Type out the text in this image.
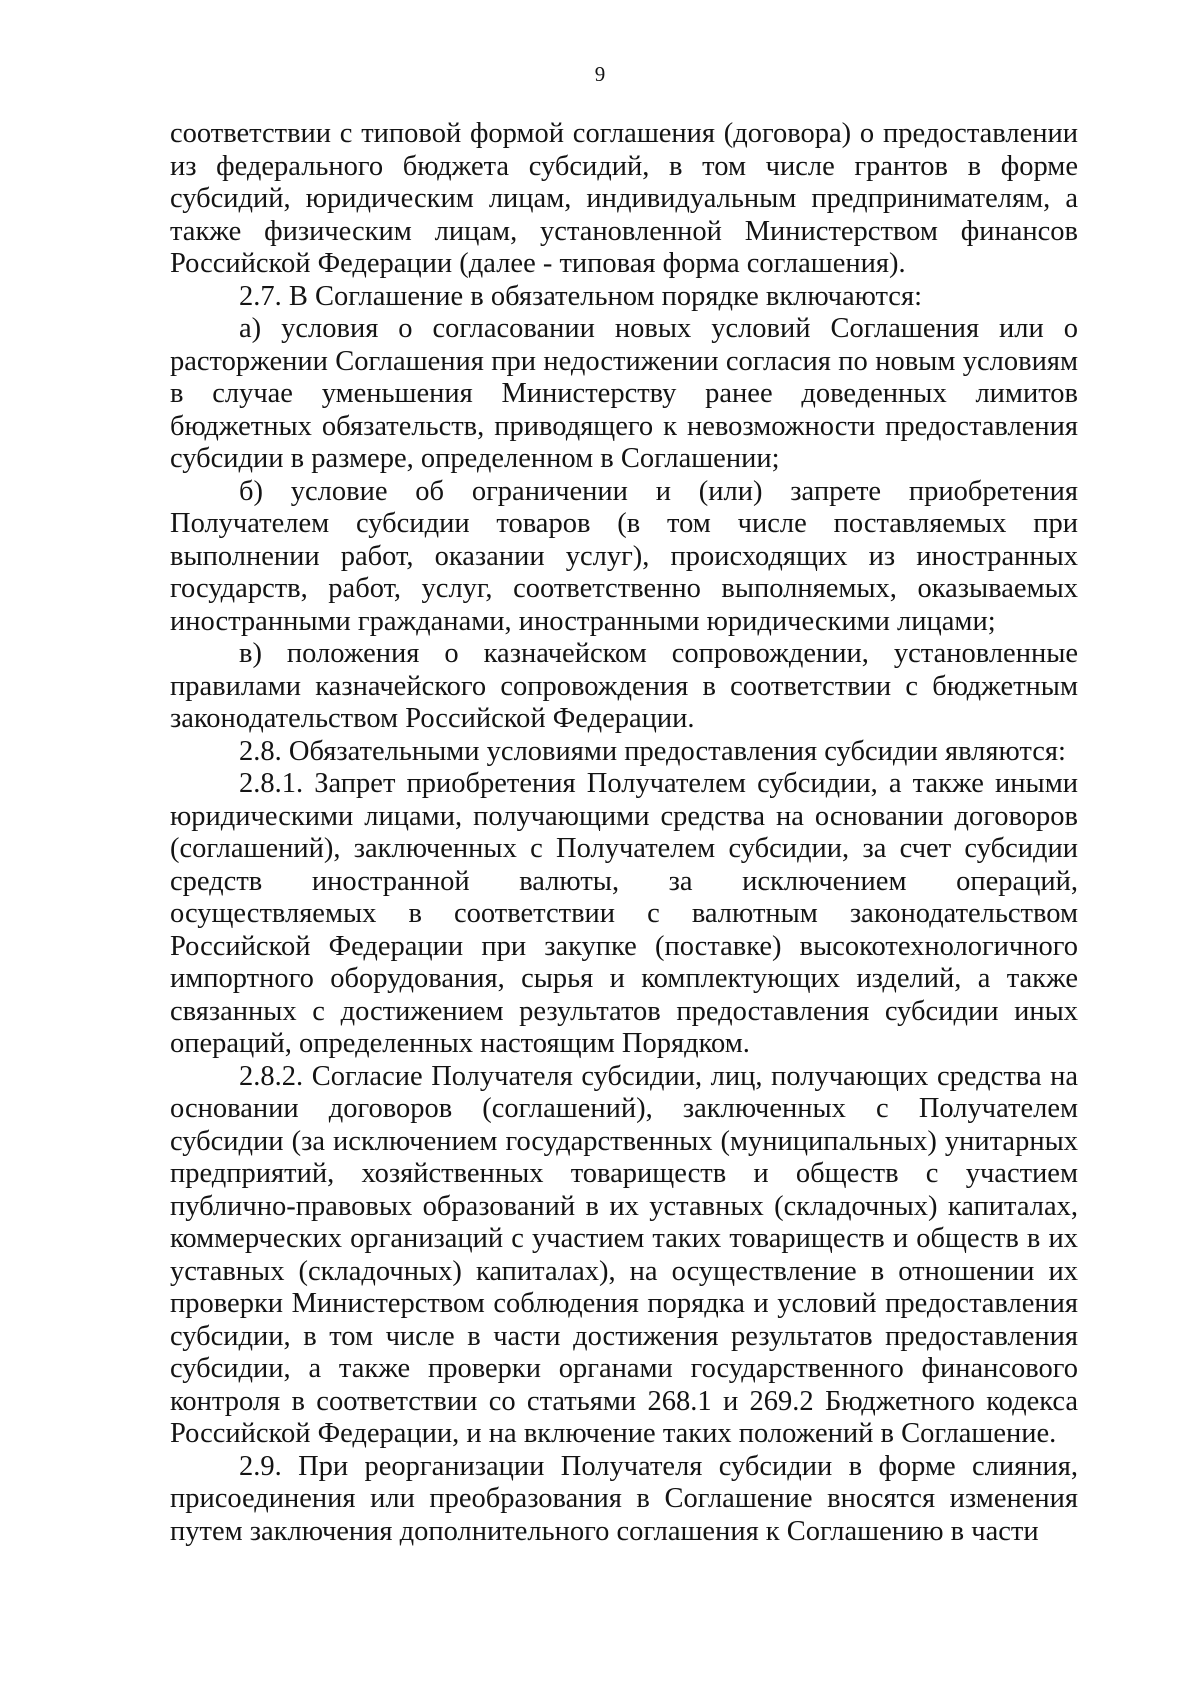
9

соответствии с типовой формой соглашения (договора) о предоставлении из федерального бюджета субсидий, в том числе грантов в форме субсидий, юридическим лицам, индивидуальным предпринимателям, а также физическим лицам, установленной Министерством финансов Российской Федерации (далее - типовая форма соглашения).

2.7. В Соглашение в обязательном порядке включаются:

а) условия о согласовании новых условий Соглашения или о расторжении Соглашения при недостижении согласия по новым условиям в случае уменьшения Министерству ранее доведенных лимитов бюджетных обязательств, приводящего к невозможности предоставления субсидии в размере, определенном в Соглашении;

б) условие об ограничении и (или) запрете приобретения Получателем субсидии товаров (в том числе поставляемых при выполнении работ, оказании услуг), происходящих из иностранных государств, работ, услуг, соответственно выполняемых, оказываемых иностранными гражданами, иностранными юридическими лицами;

в) положения о казначейском сопровождении, установленные правилами казначейского сопровождения в соответствии с бюджетным законодательством Российской Федерации.

2.8. Обязательными условиями предоставления субсидии являются:

2.8.1. Запрет приобретения Получателем субсидии, а также иными юридическими лицами, получающими средства на основании договоров (соглашений), заключенных с Получателем субсидии, за счет субсидии средств иностранной валюты, за исключением операций, осуществляемых в соответствии с валютным законодательством Российской Федерации при закупке (поставке) высокотехнологичного импортного оборудования, сырья и комплектующих изделий, а также связанных с достижением результатов предоставления субсидии иных операций, определенных настоящим Порядком.

2.8.2. Согласие Получателя субсидии, лиц, получающих средства на основании договоров (соглашений), заключенных с Получателем субсидии (за исключением государственных (муниципальных) унитарных предприятий, хозяйственных товариществ и обществ с участием публично-правовых образований в их уставных (складочных) капиталах, коммерческих организаций с участием таких товариществ и обществ в их уставных (складочных) капиталах), на осуществление в отношении их проверки Министерством соблюдения порядка и условий предоставления субсидии, в том числе в части достижения результатов предоставления субсидии, а также проверки органами государственного финансового контроля в соответствии со статьями 268.1 и 269.2 Бюджетного кодекса Российской Федерации, и на включение таких положений в Соглашение.

2.9. При реорганизации Получателя субсидии в форме слияния, присоединения или преобразования в Соглашение вносятся изменения путем заключения дополнительного соглашения к Соглашению в части
